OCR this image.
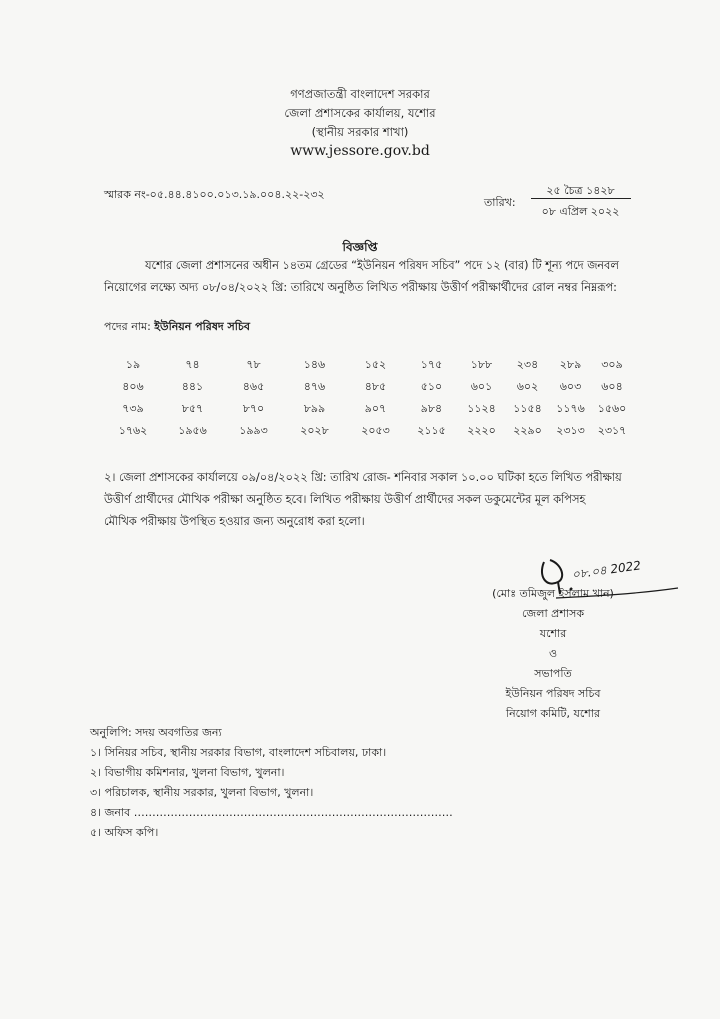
গণপ্রজাতন্ত্রী বাংলাদেশ সরকার
জেলা প্রশাসকের কার্যালয়, যশোর
(স্থানীয় সরকার শাখা)
www.jessore.gov.bd
স্মারক নং-০৫.৪৪.৪১০০.০১৩.১৯.০০৪.২২-২৩২
তারিখ:
২৫ চৈত্র ১৪২৮
০৮ এপ্রিল ২০২২
বিজ্ঞপ্তি
যশোর জেলা প্রশাসনের অধীন ১৪তম গ্রেডের “ইউনিয়ন পরিষদ সচিব” পদে ১২ (বার) টি শূন্য পদে জনবল
নিয়োগের লক্ষ্যে অদ্য ০৮/০৪/২০২২ খ্রি: তারিখে অনুষ্ঠিত লিখিত পরীক্ষায় উত্তীর্ণ পরীক্ষার্থীদের রোল নম্বর নিম্নরূপ:
পদের নাম: ইউনিয়ন পরিষদ সচিব
১৯	৭৪	৭৮	১৪৬	১৫২	১৭৫	১৮৮	২৩৪	২৮৯	৩০৯
৪০৬	৪৪১	৪৬৫	৪৭৬	৪৮৫	৫১০	৬০১	৬০২	৬০৩	৬০৪
৭৩৯	৮৫৭	৮৭০	৮৯৯	৯০৭	৯৮৪	১১২৪	১১৫৪	১১৭৬	১৫৬০
১৭৬২	১৯৫৬	১৯৯৩	২০২৮	২০৫৩	২১১৫	২২২০	২২৯০	২৩১৩	২৩১৭
২। জেলা প্রশাসকের কার্যালয়ে ০৯/০৪/২০২২ খ্রি: তারিখ রোজ- শনিবার সকাল ১০.০০ ঘটিকা হতে লিখিত পরীক্ষায়
উত্তীর্ণ প্রার্থীদের মৌখিক পরীক্ষা অনুষ্ঠিত হবে। লিখিত পরীক্ষায় উত্তীর্ণ প্রার্থীদের সকল ডকুমেন্টের মূল কপিসহ
মৌখিক পরীক্ষায় উপস্থিত হওয়ার জন্য অনুরোধ করা হলো।
০৮.০৪ 2022
(মোঃ তমিজুল ইসলাম খান)
জেলা প্রশাসক
যশোর
ও
সভাপতি
ইউনিয়ন পরিষদ সচিব
নিয়োগ কমিটি, যশোর
অনুলিপি: সদয় অবগতির জন্য
১। সিনিয়র সচিব, স্থানীয় সরকার বিভাগ, বাংলাদেশ সচিবালয়, ঢাকা।
২। বিভাগীয় কমিশনার, খুলনা বিভাগ, খুলনা।
৩। পরিচালক, স্থানীয় সরকার, খুলনা বিভাগ, খুলনা।
৪। জনাব ……………………………………………………………………………
৫। অফিস কপি।
